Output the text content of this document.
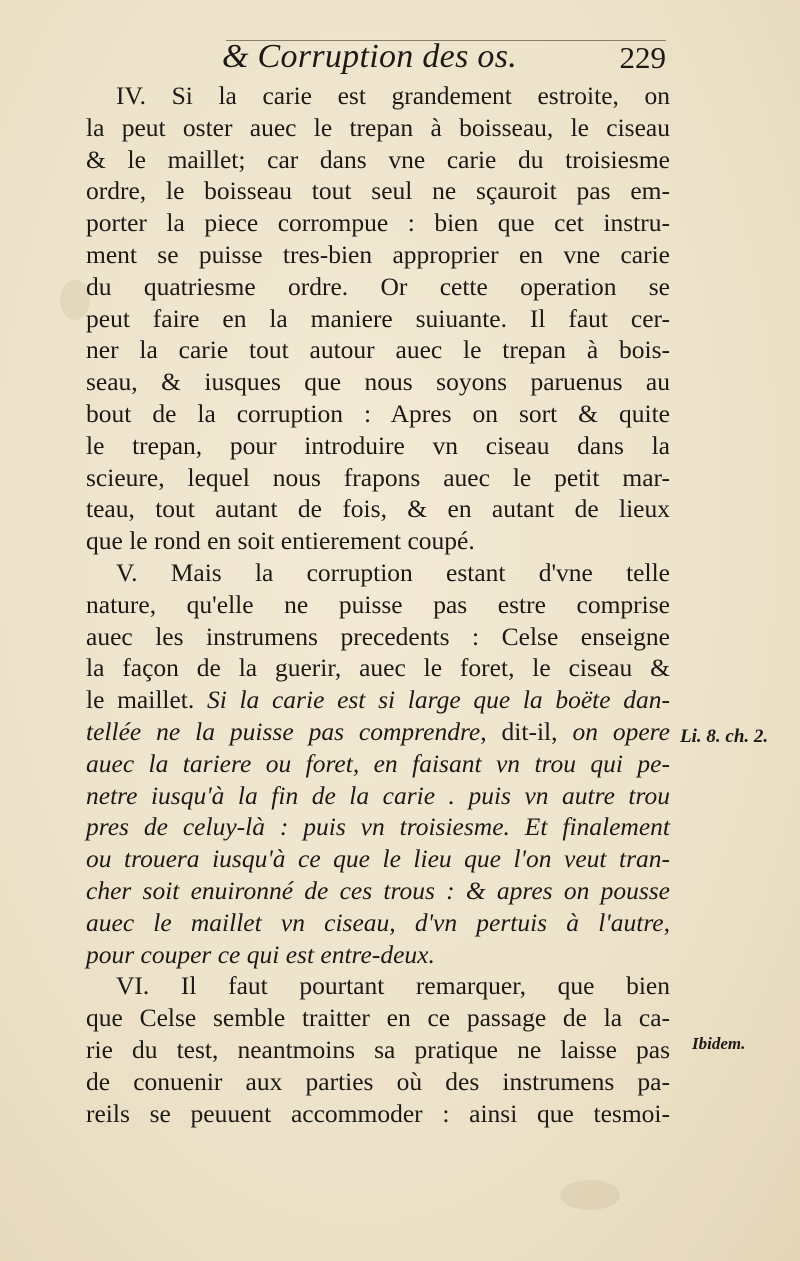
& Corruption des os.	229
IV. Si la carie est grandement estroite, on
la peut oster auec le trepan à boisseau, le ciseau
& le maillet; car dans vne carie du troisiesme
ordre, le boisseau tout seul ne sçauroit pas em-
porter la piece corrompue : bien que cet instru-
ment se puisse tres-bien approprier en vne carie
du quatriesme ordre. Or cette operation se
peut faire en la maniere suiuante. Il faut cer-
ner la carie tout autour auec le trepan à bois-
seau, & iusques que nous soyons paruenus au
bout de la corruption : Apres on sort & quite
le trepan, pour introduire vn ciseau dans la
scieure, lequel nous frapons auec le petit mar-
teau, tout autant de fois, & en autant de lieux
que le rond en soit entierement coupé.
V. Mais la corruption estant d'vne telle
nature, qu'elle ne puisse pas estre comprise
auec les instrumens precedents : Celse enseigne
la façon de la guerir, auec le foret, le ciseau &
le maillet. Si la carie est si large que la boëte dan-
tellée ne la puisse pas comprendre, dit-il, on opere
auec la tariere ou foret, en faisant vn trou qui pe-
netre iusqu'à la fin de la carie . puis vn autre trou
pres de celuy-là : puis vn troisiesme. Et finalement
ou trouera iusqu'à ce que le lieu que l'on veut tran-
cher soit enuironné de ces trous : & apres on pousse
auec le maillet vn ciseau, d'vn pertuis à l'autre,
pour couper ce qui est entre-deux.
VI. Il faut pourtant remarquer, que bien
que Celse semble traitter en ce passage de la ca-
rie du test, neantmoins sa pratique ne laisse pas
de conuenir aux parties où des instrumens pa-
reils se peuuent accommoder : ainsi que tesmoi-
Li. 8. ch. 2.
Ibidem.
